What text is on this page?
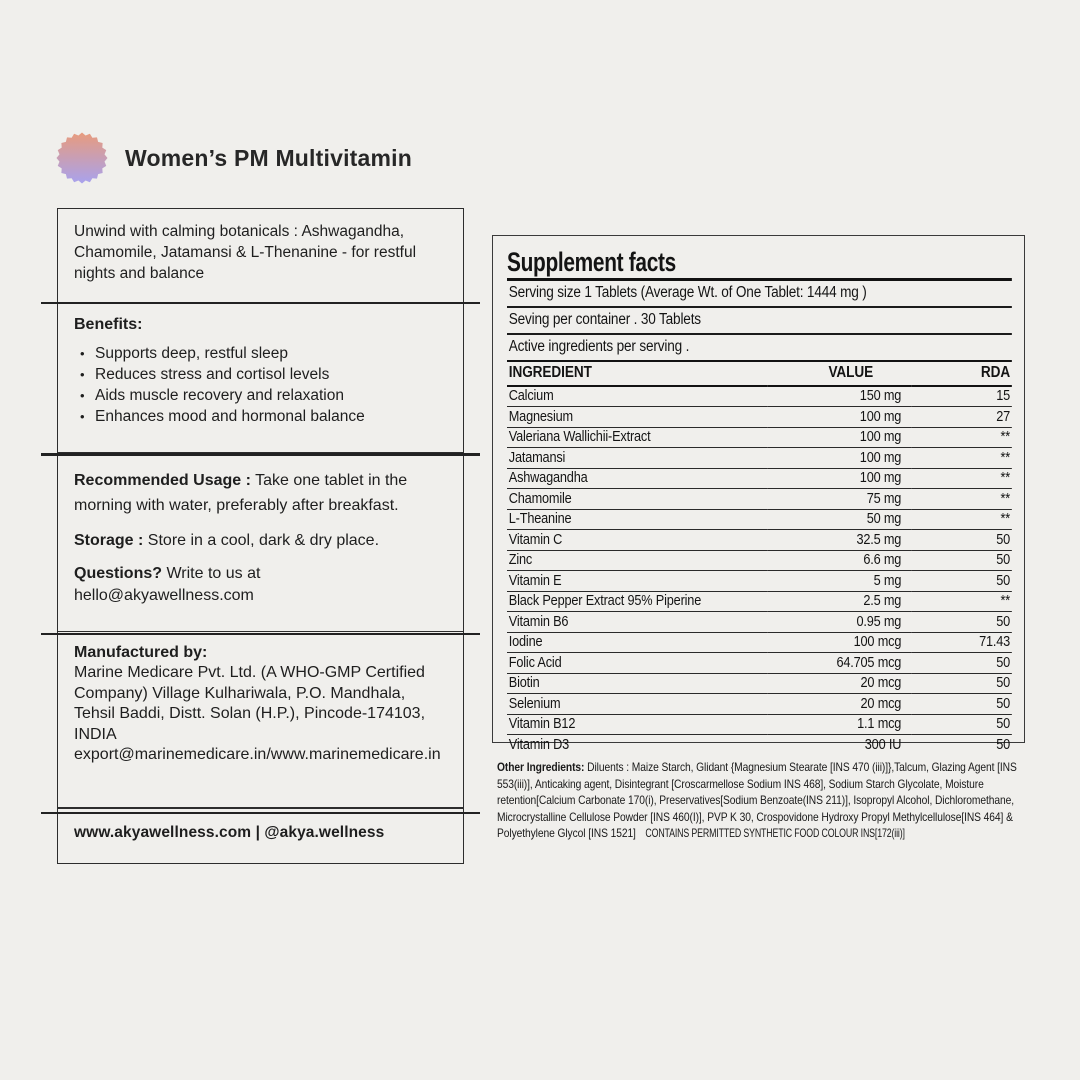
Women’s PM Multivitamin
Unwind with calming botanicals : Ashwagandha, Chamomile, Jatamansi & L-Thenanine - for restful nights and balance
Benefits:
• Supports deep, restful sleep
• Reduces stress and cortisol levels
• Aids muscle recovery and relaxation
• Enhances mood and hormonal balance

Recommended Usage : Take one tablet in the morning with water, preferably after breakfast.

Storage : Store in a cool, dark & dry place.

Questions? Write to us at
hello@akyawellness.com

Manufactured by:
Marine Medicare Pvt. Ltd. (A WHO-GMP Certified Company) Village Kulhariwala, P.O. Mandhala, Tehsil Baddi, Distt. Solan (H.P.), Pincode-174103, INDIA export@marinemedicare.in/www.marinemedicare.in
www.akyawellness.com | @akya.wellness
Supplement facts
Serving size 1 Tablets (Average Wt. of One Tablet: 1444 mg )
Seving per container . 30 Tablets
Active ingredients per serving .
INGREDIENT	VALUE	RDA
Calcium	150 mg	15
Magnesium	100 mg	27
Valeriana Wallichii-Extract	100 mg	**
Jatamansi	100 mg	**
Ashwagandha	100 mg	**
Chamomile	75 mg	**
L-Theanine	50 mg	**
Vitamin C	32.5 mg	50
Zinc	6.6 mg	50
Vitamin E	5 mg	50
Black Pepper Extract 95% Piperine	2.5 mg	**
Vitamin B6	0.95 mg	50
Iodine	100 mcg	71.43
Folic Acid	64.705 mcg	50
Biotin	20 mcg	50
Selenium	20 mcg	50
Vitamin B12	1.1 mcg	50
Vitamin D3	300 IU	50
Other Ingredients: Diluents : Maize Starch, Glidant {Magnesium Stearate [INS 470 (iii)]},Talcum, Glazing Agent [INS 553(iii)], Anticaking agent, Disintegrant [Croscarmellose Sodium INS 468], Sodium Starch Glycolate, Moisture retention[Calcium Carbonate 170(i), Preservatives[Sodium Benzoate(INS 211)], Isopropyl Alcohol, Dichloromethane, Microcrystalline Cellulose Powder [INS 460(I)], PVP K 30, Crospovidone Hydroxy Propyl Methylcellulose[INS 464] & Polyethylene Glycol [INS 1521] CONTAINS PERMITTED SYNTHETIC FOOD COLOUR INS[172(iii)]
